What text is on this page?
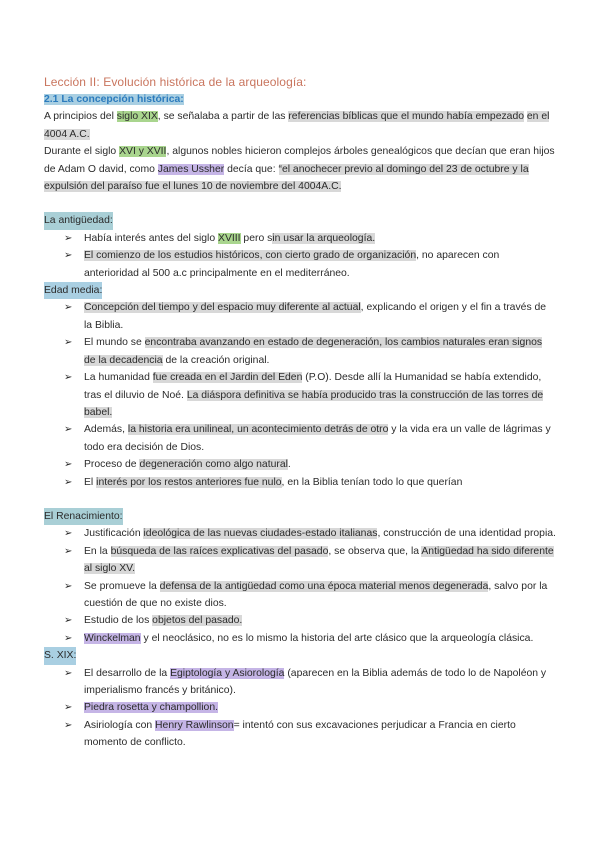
Lección II: Evolución histórica de la arqueología:
2.1 La concepción histórica:

A principios del siglo XIX, se señalaba a partir de las referencias bíblicas que el mundo había empezado en el 4004 A.C.

Durante el siglo XVI y XVII, algunos nobles hicieron complejos árboles genealógicos que decían que eran hijos de Adam O david, como James Ussher decía que: “el anochecer previo al domingo del 23 de octubre y la expulsión del paraíso fue el lunes 10 de noviembre del 4004A.C.

La antigüedad:
➢ Había interés antes del siglo XVIII pero sin usar la arqueología.
➢ El comienzo de los estudios históricos, con cierto grado de organización, no aparecen con anterioridad al 500 a.c principalmente en el mediterráneo.
Edad media:
➢ Concepción del tiempo y del espacio muy diferente al actual, explicando el origen y el fin a través de la Biblia.
➢ El mundo se encontraba avanzando en estado de degeneración, los cambios naturales eran signos de la decadencia de la creación original.
➢ La humanidad fue creada en el Jardin del Eden (P.O). Desde allí la Humanidad se había extendido, tras el diluvio de Noé. La diáspora definitiva se había producido tras la construcción de las torres de babel.
➢ Además, la historia era unilineal, un acontecimiento detrás de otro y la vida era un valle de lágrimas y todo era decisión de Dios.
➢ Proceso de degeneración como algo natural.
➢ El interés por los restos anteriores fue nulo, en la Biblia tenían todo lo que querían
El Renacimiento:
➢ Justificación ideológica de las nuevas ciudades-estado italianas, construcción de una identidad propia.
➢ En la búsqueda de las raíces explicativas del pasado, se observa que, la Antigüedad ha sido diferente al siglo XV.
➢ Se promueve la defensa de la antigüedad como una época material menos degenerada, salvo por la cuestión de que no existe dios.
➢ Estudio de los objetos del pasado.
➢ Winckelman y el neoclásico, no es lo mismo la historia del arte clásico que la arqueología clásica.
S. XIX:
➢ El desarrollo de la Egiptología y Asiorología (aparecen en la Biblia además de todo lo de Napoléon y imperialismo francés y británico).
➢ Piedra rosetta y champollion.
➢ Asiriología con Henry Rawlinson= intentó con sus excavaciones perjudicar a Francia en cierto momento de conflicto.
